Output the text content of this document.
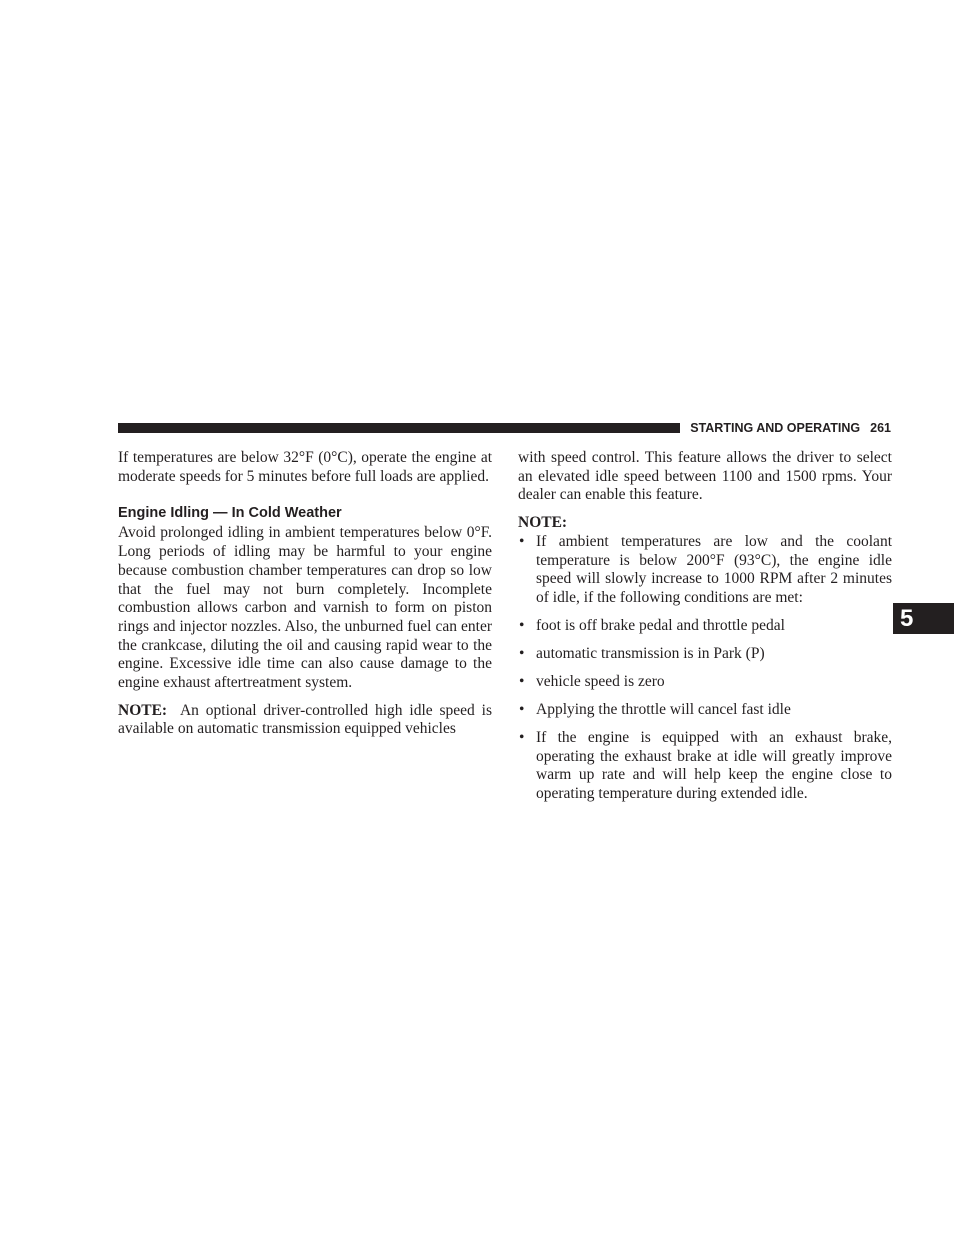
STARTING AND OPERATING 261
5

If temperatures are below 32°F (0°C), operate the engine at moderate speeds for 5 minutes before full loads are applied.

Engine Idling — In Cold Weather

Avoid prolonged idling in ambient temperatures below 0°F. Long periods of idling may be harmful to your engine because combustion chamber temperatures can drop so low that the fuel may not burn completely. Incomplete combustion allows carbon and varnish to form on piston rings and injector nozzles. Also, the unburned fuel can enter the crankcase, diluting the oil and causing rapid wear to the engine. Excessive idle time can also cause damage to the engine exhaust aftertreatment system.

NOTE: An optional driver-controlled high idle speed is available on automatic transmission equipped vehicles

with speed control. This feature allows the driver to select an elevated idle speed between 1100 and 1500 rpms. Your dealer can enable this feature.

NOTE:
• If ambient temperatures are low and the coolant temperature is below 200°F (93°C), the engine idle speed will slowly increase to 1000 RPM after 2 minutes of idle, if the following conditions are met:
• foot is off brake pedal and throttle pedal
• automatic transmission is in Park (P)
• vehicle speed is zero
• Applying the throttle will cancel fast idle
• If the engine is equipped with an exhaust brake, operating the exhaust brake at idle will greatly improve warm up rate and will help keep the engine close to operating temperature during extended idle.
